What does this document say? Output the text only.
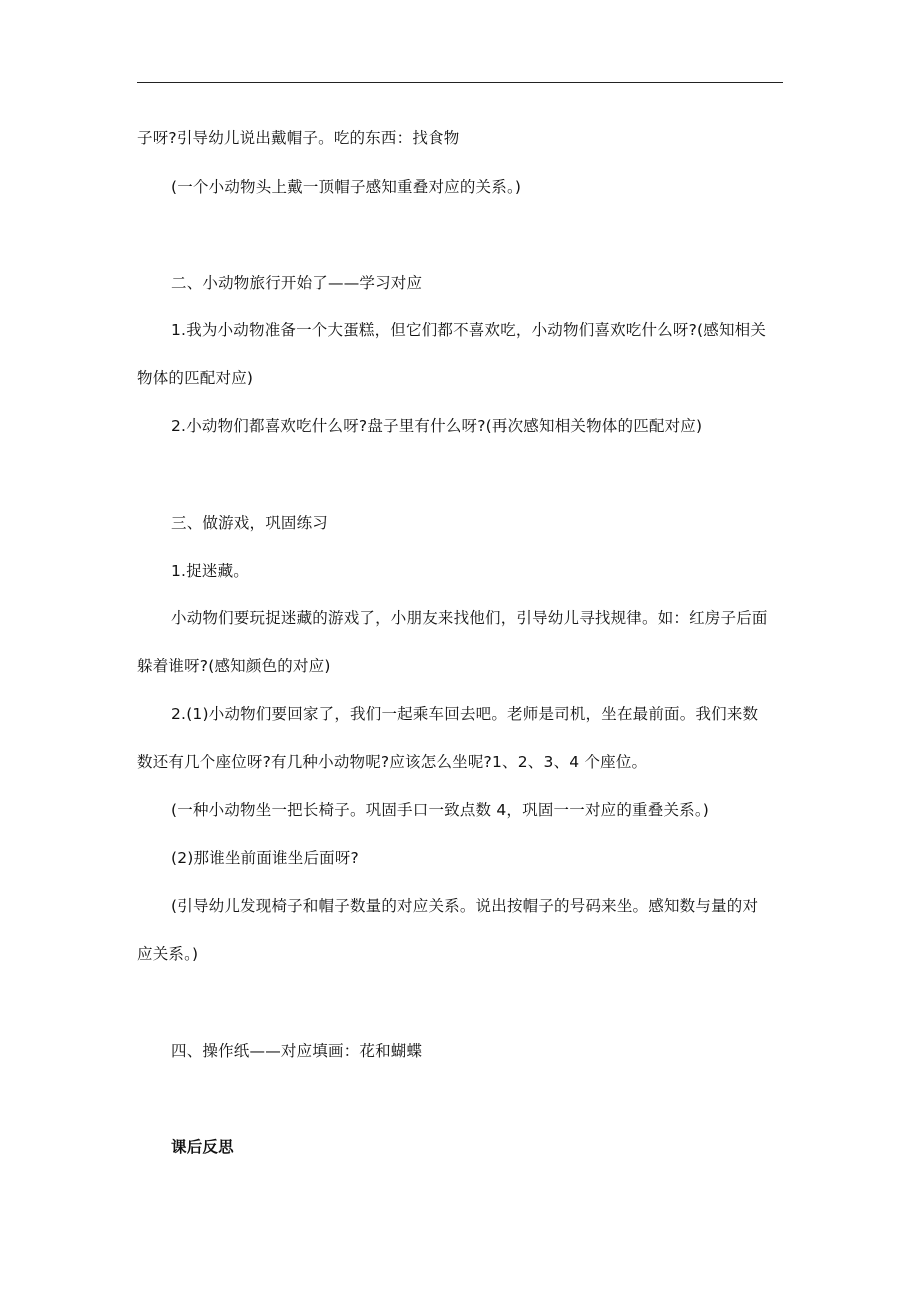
子呀?引导幼儿说出戴帽子。吃的东西：找食物
(一个小动物头上戴一顶帽子感知重叠对应的关系。)
二、小动物旅行开始了——学习对应
1.我为小动物准备一个大蛋糕，但它们都不喜欢吃，小动物们喜欢吃什么呀?(感知相关
物体的匹配对应)
2.小动物们都喜欢吃什么呀?盘子里有什么呀?(再次感知相关物体的匹配对应)
三、做游戏，巩固练习
1.捉迷藏。
小动物们要玩捉迷藏的游戏了，小朋友来找他们，引导幼儿寻找规律。如：红房子后面
躲着谁呀?(感知颜色的对应)
2.(1)小动物们要回家了，我们一起乘车回去吧。老师是司机，坐在最前面。我们来数
数还有几个座位呀?有几种小动物呢?应该怎么坐呢?1、2、3、4 个座位。
(一种小动物坐一把长椅子。巩固手口一致点数 4，巩固一一对应的重叠关系。)
(2)那谁坐前面谁坐后面呀?
(引导幼儿发现椅子和帽子数量的对应关系。说出按帽子的号码来坐。感知数与量的对
应关系。)
四、操作纸——对应填画：花和蝴蝶
课后反思
